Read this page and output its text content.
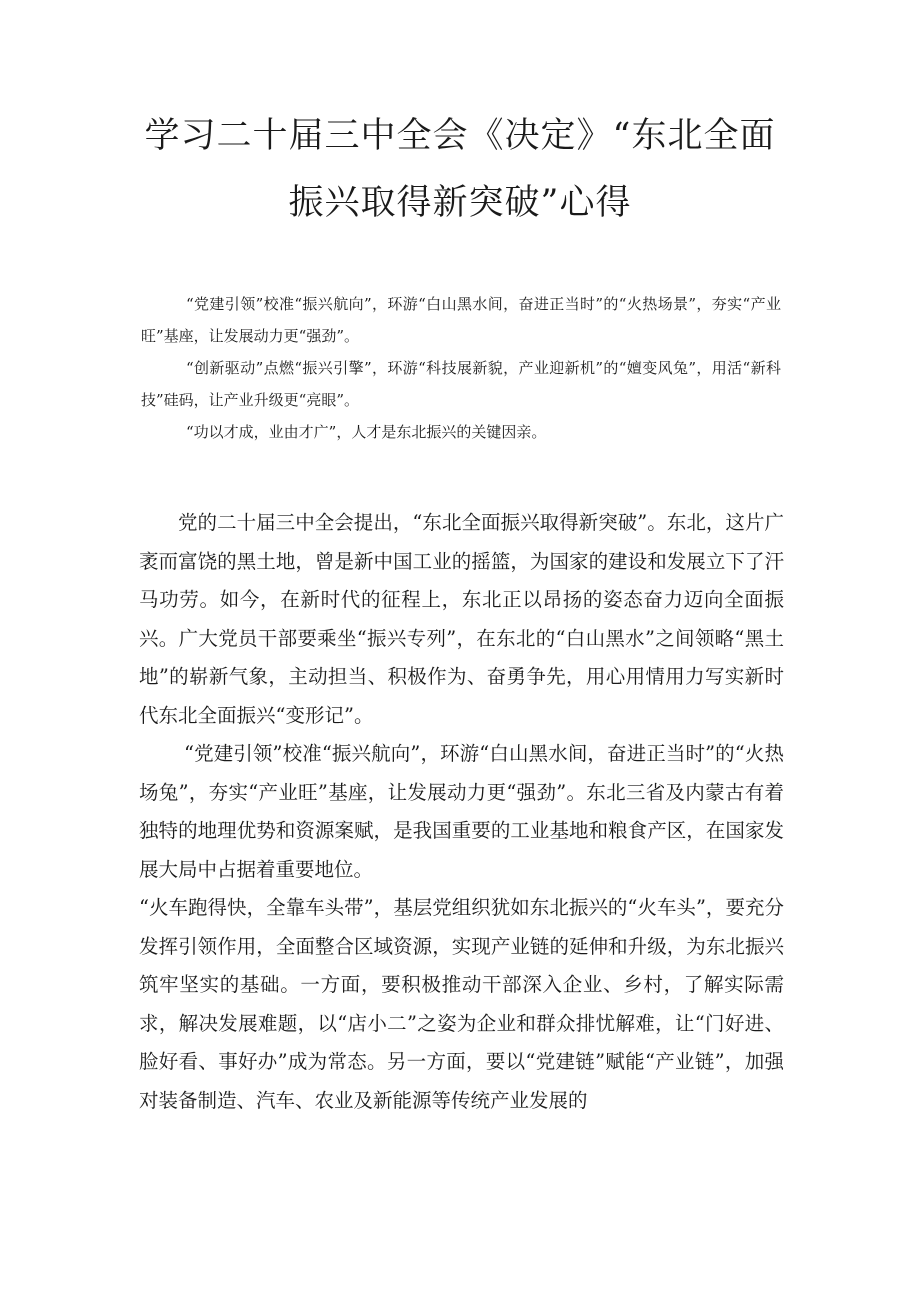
学习二十届三中全会《决定》“东北全面
振兴取得新突破”心得

“党建引领”校准“振兴航向”，环游“白山黑水间，奋进正当时”的“火热场景”，夯实“产业旺”基座，让发展动力更“强劲”。

“创新驱动”点燃“振兴引擎”，环游“科技展新貌，产业迎新机”的“嬗变风兔”，用活“新科技”硅码，让产业升级更“亮眼”。

“功以才成，业由才广”，人才是东北振兴的关键因亲。

党的二十届三中全会提出，“东北全面振兴取得新突破”。东北，这片广袤而富饶的黑土地，曾是新中国工业的摇篮，为国家的建设和发展立下了汗马功劳。如今，在新时代的征程上，东北正以昂扬的姿态奋力迈向全面振兴。广大党员干部要乘坐“振兴专列”，在东北的“白山黑水”之间领略“黑土地”的崭新气象，主动担当、积极作为、奋勇争先，用心用情用力写实新时代东北全面振兴“变形记”。

“党建引领”校准“振兴航向”，环游“白山黑水间，奋进正当时”的“火热场兔”，夯实“产业旺”基座，让发展动力更“强劲”。东北三省及内蒙古有着独特的地理优势和资源案赋，是我国重要的工业基地和粮食产区，在国家发展大局中占据着重要地位。

“火车跑得快，全靠车头带”，基层党组织犹如东北振兴的“火车头”，要充分发挥引领作用，全面整合区域资源，实现产业链的延伸和升级，为东北振兴筑牢坚实的基础。一方面，要积极推动干部深入企业、乡村，了解实际需求，解决发展难题，以“店小二”之姿为企业和群众排忧解难，让“门好进、脸好看、事好办”成为常态。另一方面，要以“党建链”赋能“产业链”，加强对装备制造、汽车、农业及新能源等传统产业发展的
